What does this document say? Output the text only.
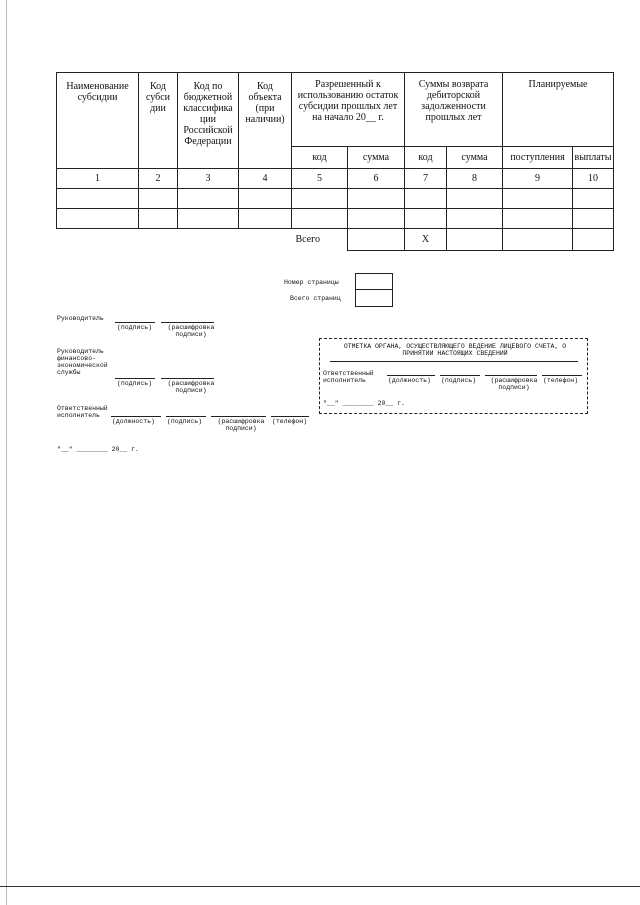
Наименование субсидии	Код субси дии	Код по бюджетной классифика ции Российской Федерации	Код объекта (при наличии)	Разрешенный к использованию остаток субсидии прошлых лет на начало 20__ г.		Суммы возврата дебиторской задолженности прошлых лет		Планируемые	
				код	сумма	код	сумма	поступления	выплаты
1	2	3	4	5	6	7	8	9	10

				Всего		X			
Номер страницы
Всего страниц
Руководитель
(подпись)	(расшифровка подписи)
Руководитель финансово- экономической службы
(подпись)	(расшифровка подписи)
Ответственный исполнитель
(должность) (подпись)	(расшифровка подписи)
(телефон)
"__" ________ 20__ г.
ОТМЕТКА ОРГАНА, ОСУЩЕСТВЛЯЮЩЕГО ВЕДЕНИЕ ЛИЦЕВОГО СЧЕТА, О ПРИНЯТИИ НАСТОЯЩИХ СВЕДЕНИЙ
Ответственный исполнитель	(должность) (подпись)	(расшифровка подписи)
(телефон)
"__" ________ 20__ г.
